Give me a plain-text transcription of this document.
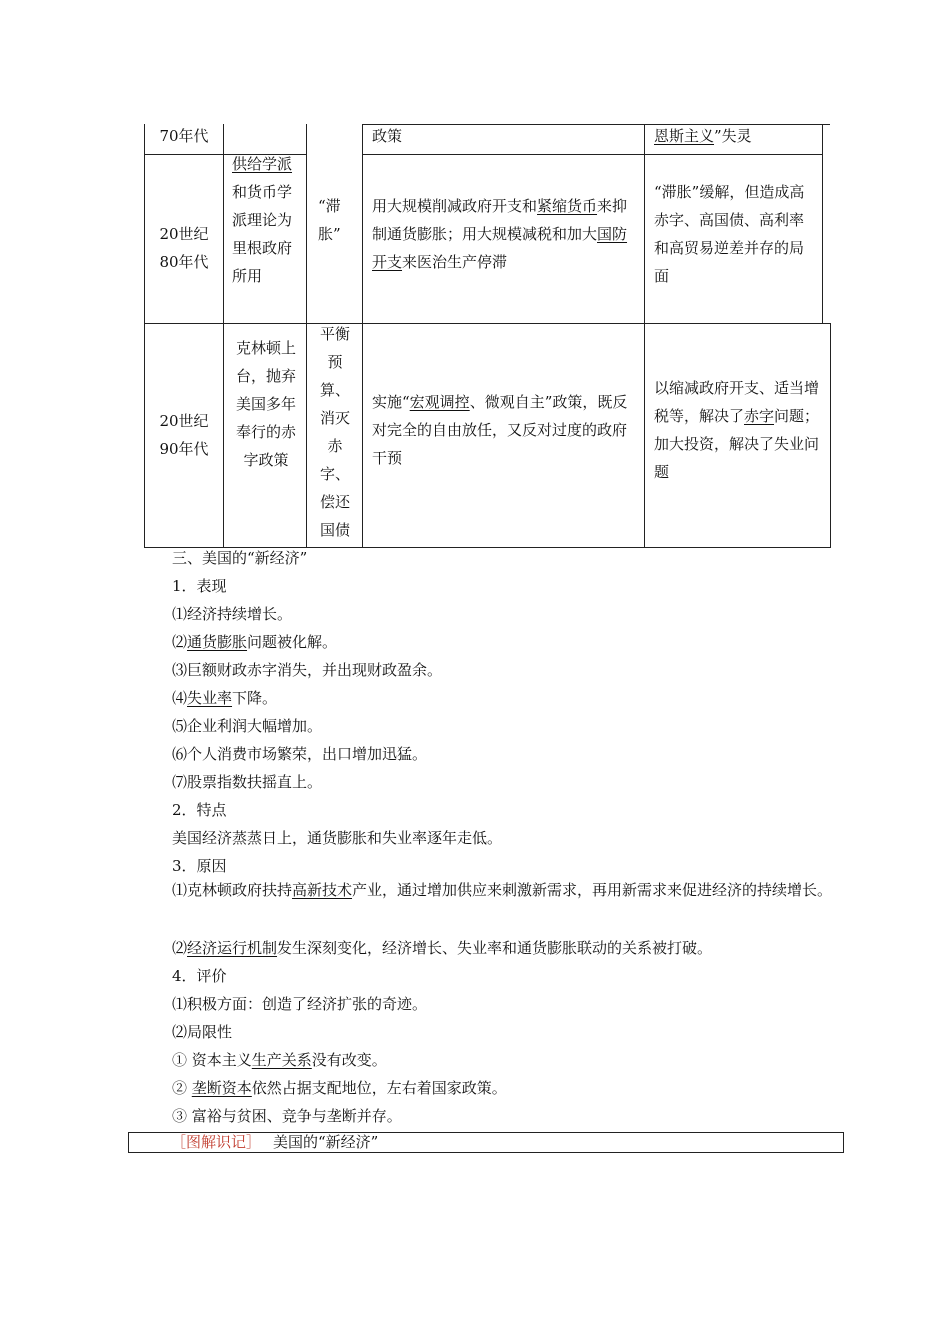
70年代	政策	恩斯主义”失灵
20世纪80年代
供给学派和货币学派理论为里根政府所用
“滞胀”
用大规模削减政府开支和紧缩货币来抑制通货膨胀；用大规模减税和加大国防开支来医治生产停滞
“滞胀”缓解，但造成高赤字、高国债、高利率和高贸易逆差并存的局面
20世纪90年代
克林顿上台，抛弃美国多年奉行的赤字政策
平衡预算、消灭赤字、偿还国债
实施“宏观调控、微观自主”政策，既反对完全的自由放任，又反对过度的政府干预
以缩减政府开支、适当增税等，解决了赤字问题；加大投资，解决了失业问题
三、美国的“新经济”
1．表现
⑴经济持续增长。
⑵通货膨胀问题被化解。
⑶巨额财政赤字消失，并出现财政盈余。
⑷失业率下降。
⑸企业利润大幅增加。
⑹个人消费市场繁荣，出口增加迅猛。
⑺股票指数扶摇直上。
2．特点
美国经济蒸蒸日上，通货膨胀和失业率逐年走低。
3．原因
⑴克林顿政府扶持高新技术产业，通过增加供应来刺激新需求，再用新需求来促进经济的持续增长。
⑵经济运行机制发生深刻变化，经济增长、失业率和通货膨胀联动的关系被打破。
4．评价
⑴积极方面：创造了经济扩张的奇迹。
⑵局限性
① 资本主义生产关系没有改变。
② 垄断资本依然占据支配地位，左右着国家政策。
③ 富裕与贫困、竞争与垄断并存。
［图解识记］ 美国的“新经济”
